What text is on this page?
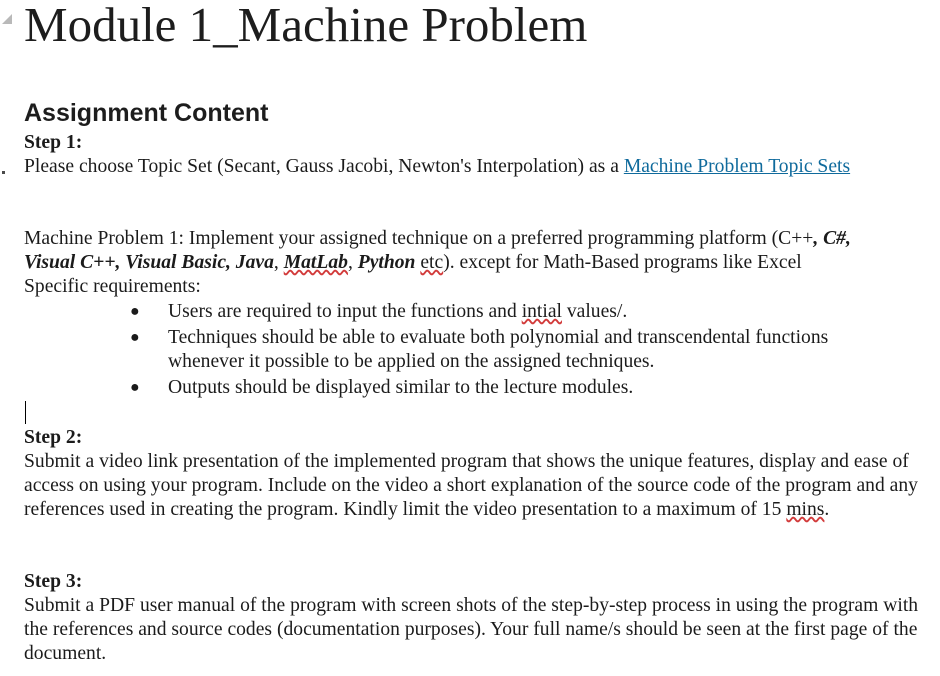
Module 1_Machine Problem
Assignment Content
Step 1:
Please choose Topic Set (Secant, Gauss Jacobi, Newton's Interpolation) as a Machine Problem Topic Sets
Machine Problem 1: Implement your assigned technique on a preferred programming platform (C++, C#,
Visual C++, Visual Basic, Java, MatLab, Python etc). except for Math-Based programs like Excel
Specific requirements:
● Users are required to input the functions and intial values/.
● Techniques should be able to evaluate both polynomial and transcendental functions whenever it possible to be applied on the assigned techniques.
● Outputs should be displayed similar to the lecture modules.
Step 2:
Submit a video link presentation of the implemented program that shows the unique features, display and ease of access on using your program. Include on the video a short explanation of the source code of the program and any references used in creating the program. Kindly limit the video presentation to a maximum of 15 mins.
Step 3:
Submit a PDF user manual of the program with screen shots of the step-by-step process in using the program with the references and source codes (documentation purposes). Your full name/s should be seen at the first page of the document.
